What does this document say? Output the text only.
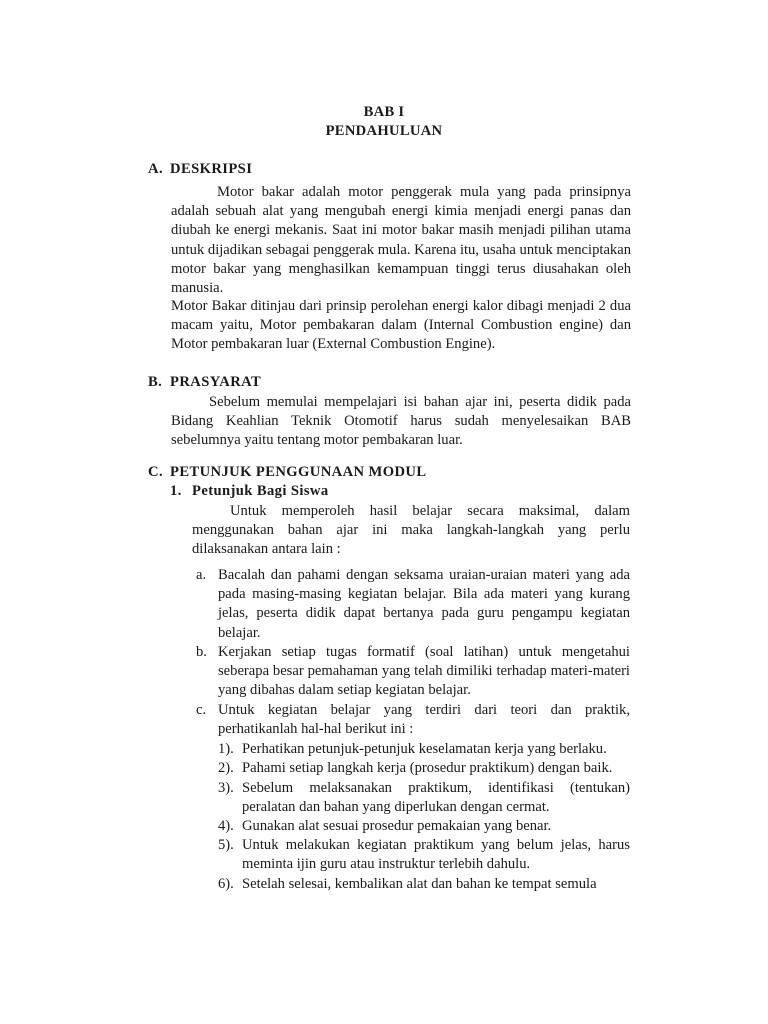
BAB I
PENDAHULUAN
A. DESKRIPSI
Motor bakar adalah motor penggerak mula yang pada prinsipnya adalah sebuah alat yang mengubah energi kimia menjadi energi panas dan diubah ke energi mekanis. Saat ini motor bakar masih menjadi pilihan utama untuk dijadikan sebagai penggerak mula. Karena itu, usaha untuk menciptakan motor bakar yang menghasilkan kemampuan tinggi terus diusahakan oleh manusia.
Motor Bakar ditinjau dari prinsip perolehan energi kalor dibagi menjadi 2 dua macam yaitu, Motor pembakaran dalam (Internal Combustion engine) dan Motor pembakaran luar (External Combustion Engine).
B. PRASYARAT
Sebelum memulai mempelajari isi bahan ajar ini, peserta didik pada Bidang Keahlian Teknik Otomotif harus sudah menyelesaikan BAB sebelumnya yaitu tentang motor pembakaran luar.
C. PETUNJUK PENGGUNAAN MODUL
1. Petunjuk Bagi Siswa
Untuk memperoleh hasil belajar secara maksimal, dalam menggunakan bahan ajar ini maka langkah-langkah yang perlu dilaksanakan antara lain :
a. Bacalah dan pahami dengan seksama uraian-uraian materi yang ada pada masing-masing kegiatan belajar. Bila ada materi yang kurang jelas, peserta didik dapat bertanya pada guru pengampu kegiatan belajar.
b. Kerjakan setiap tugas formatif (soal latihan) untuk mengetahui seberapa besar pemahaman yang telah dimiliki terhadap materi-materi yang dibahas dalam setiap kegiatan belajar.
c. Untuk kegiatan belajar yang terdiri dari teori dan praktik, perhatikanlah hal-hal berikut ini :
1). Perhatikan petunjuk-petunjuk keselamatan kerja yang berlaku.
2). Pahami setiap langkah kerja (prosedur praktikum) dengan baik.
3). Sebelum melaksanakan praktikum, identifikasi (tentukan) peralatan dan bahan yang diperlukan dengan cermat.
4). Gunakan alat sesuai prosedur pemakaian yang benar.
5). Untuk melakukan kegiatan praktikum yang belum jelas, harus meminta ijin guru atau instruktur terlebih dahulu.
6). Setelah selesai, kembalikan alat dan bahan ke tempat semula
